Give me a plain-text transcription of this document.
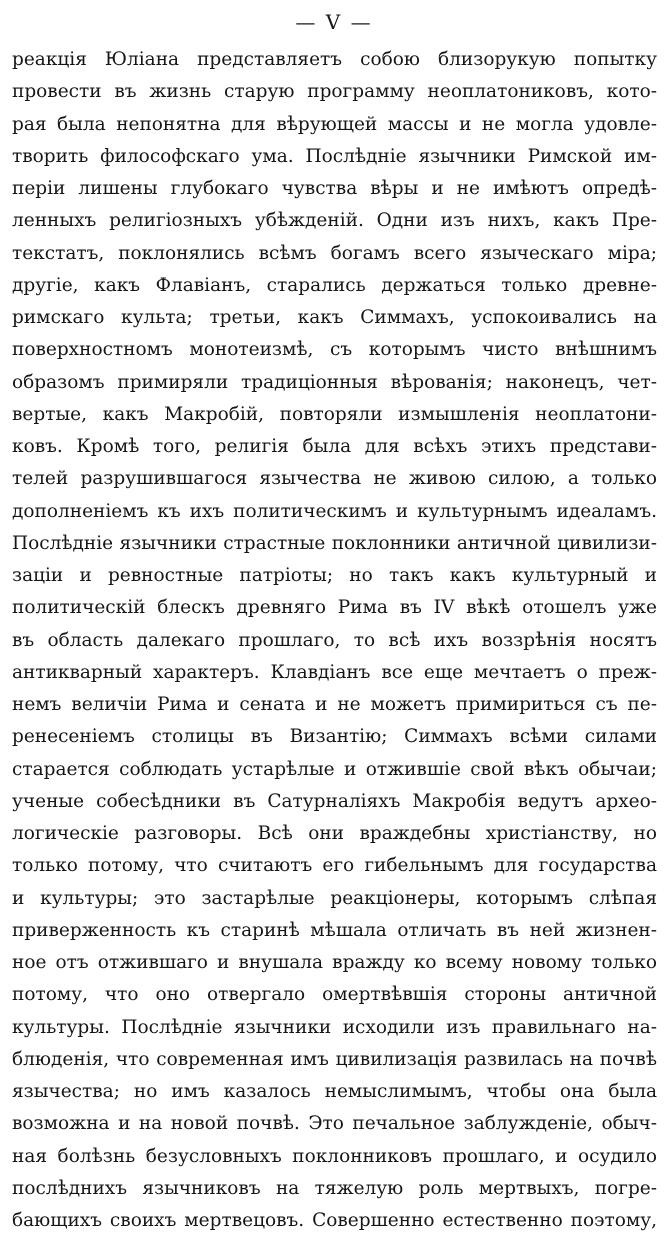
— V —
реакція Юліана представляетъ собою близорукую попытку
провести въ жизнь старую программу неоплатониковъ, кото-
рая была непонятна для вѣрующей массы и не могла удовле-
творить философскаго ума. Послѣдніе язычники Римской им-
періи лишены глубокаго чувства вѣры и не имѣютъ опредѣ-
ленныхъ религіозныхъ убѣжденій. Одни изъ нихъ, какъ Пре-
текстатъ, поклонялись всѣмъ богамъ всего языческаго міра;
другіе, какъ Флавіанъ, старались держаться только древне-
римскаго культа; третьи, какъ Симмахъ, успокоивались на
поверхностномъ монотеизмѣ, съ которымъ чисто внѣшнимъ
образомъ примиряли традиціонныя вѣрованія; наконецъ, чет-
вертые, какъ Макробій, повторяли измышленія неоплатони-
ковъ. Кромѣ того, религія была для всѣхъ этихъ представи-
телей разрушившагося язычества не живою силою, а только
дополненіемъ къ ихъ политическимъ и культурнымъ идеаламъ.
Послѣдніе язычники страстные поклонники античной цивилизи-
заціи и ревностные патріоты; но такъ какъ культурный и
политическій блескъ древняго Рима въ IV вѣкѣ отошелъ уже
въ область далекаго прошлаго, то всѣ ихъ воззрѣнія носятъ
антикварный характеръ. Клавдіанъ все еще мечтаетъ о преж-
немъ величіи Рима и сената и не можетъ примириться съ пе-
ренесеніемъ столицы въ Византію; Симмахъ всѣми силами
старается соблюдать устарѣлые и отжившіе свой вѣкъ обычаи;
ученые собесѣдники въ Сатурналіяхъ Макробія ведутъ архео-
логическіе разговоры. Всѣ они враждебны христіанству, но
только потому, что считаютъ его гибельнымъ для государства
и культуры; это застарѣлые реакціонеры, которымъ слѣпая
приверженность къ старинѣ мѣшала отличать въ ней жизнен-
ное отъ отжившаго и внушала вражду ко всему новому только
потому, что оно отвергало омертвѣвшія стороны античной
культуры. Послѣдніе язычники исходили изъ правильнаго на-
блюденія, что современная имъ цивилизація развилась на почвѣ
язычества; но имъ казалось немыслимымъ, чтобы она была
возможна и на новой почвѣ. Это печальное заблужденіе, обыч-
ная болѣзнь безусловныхъ поклонниковъ прошлаго, и осудило
послѣднихъ язычниковъ на тяжелую роль мертвыхъ, погре-
бающихъ своихъ мертвецовъ. Совершенно естественно поэтому,
